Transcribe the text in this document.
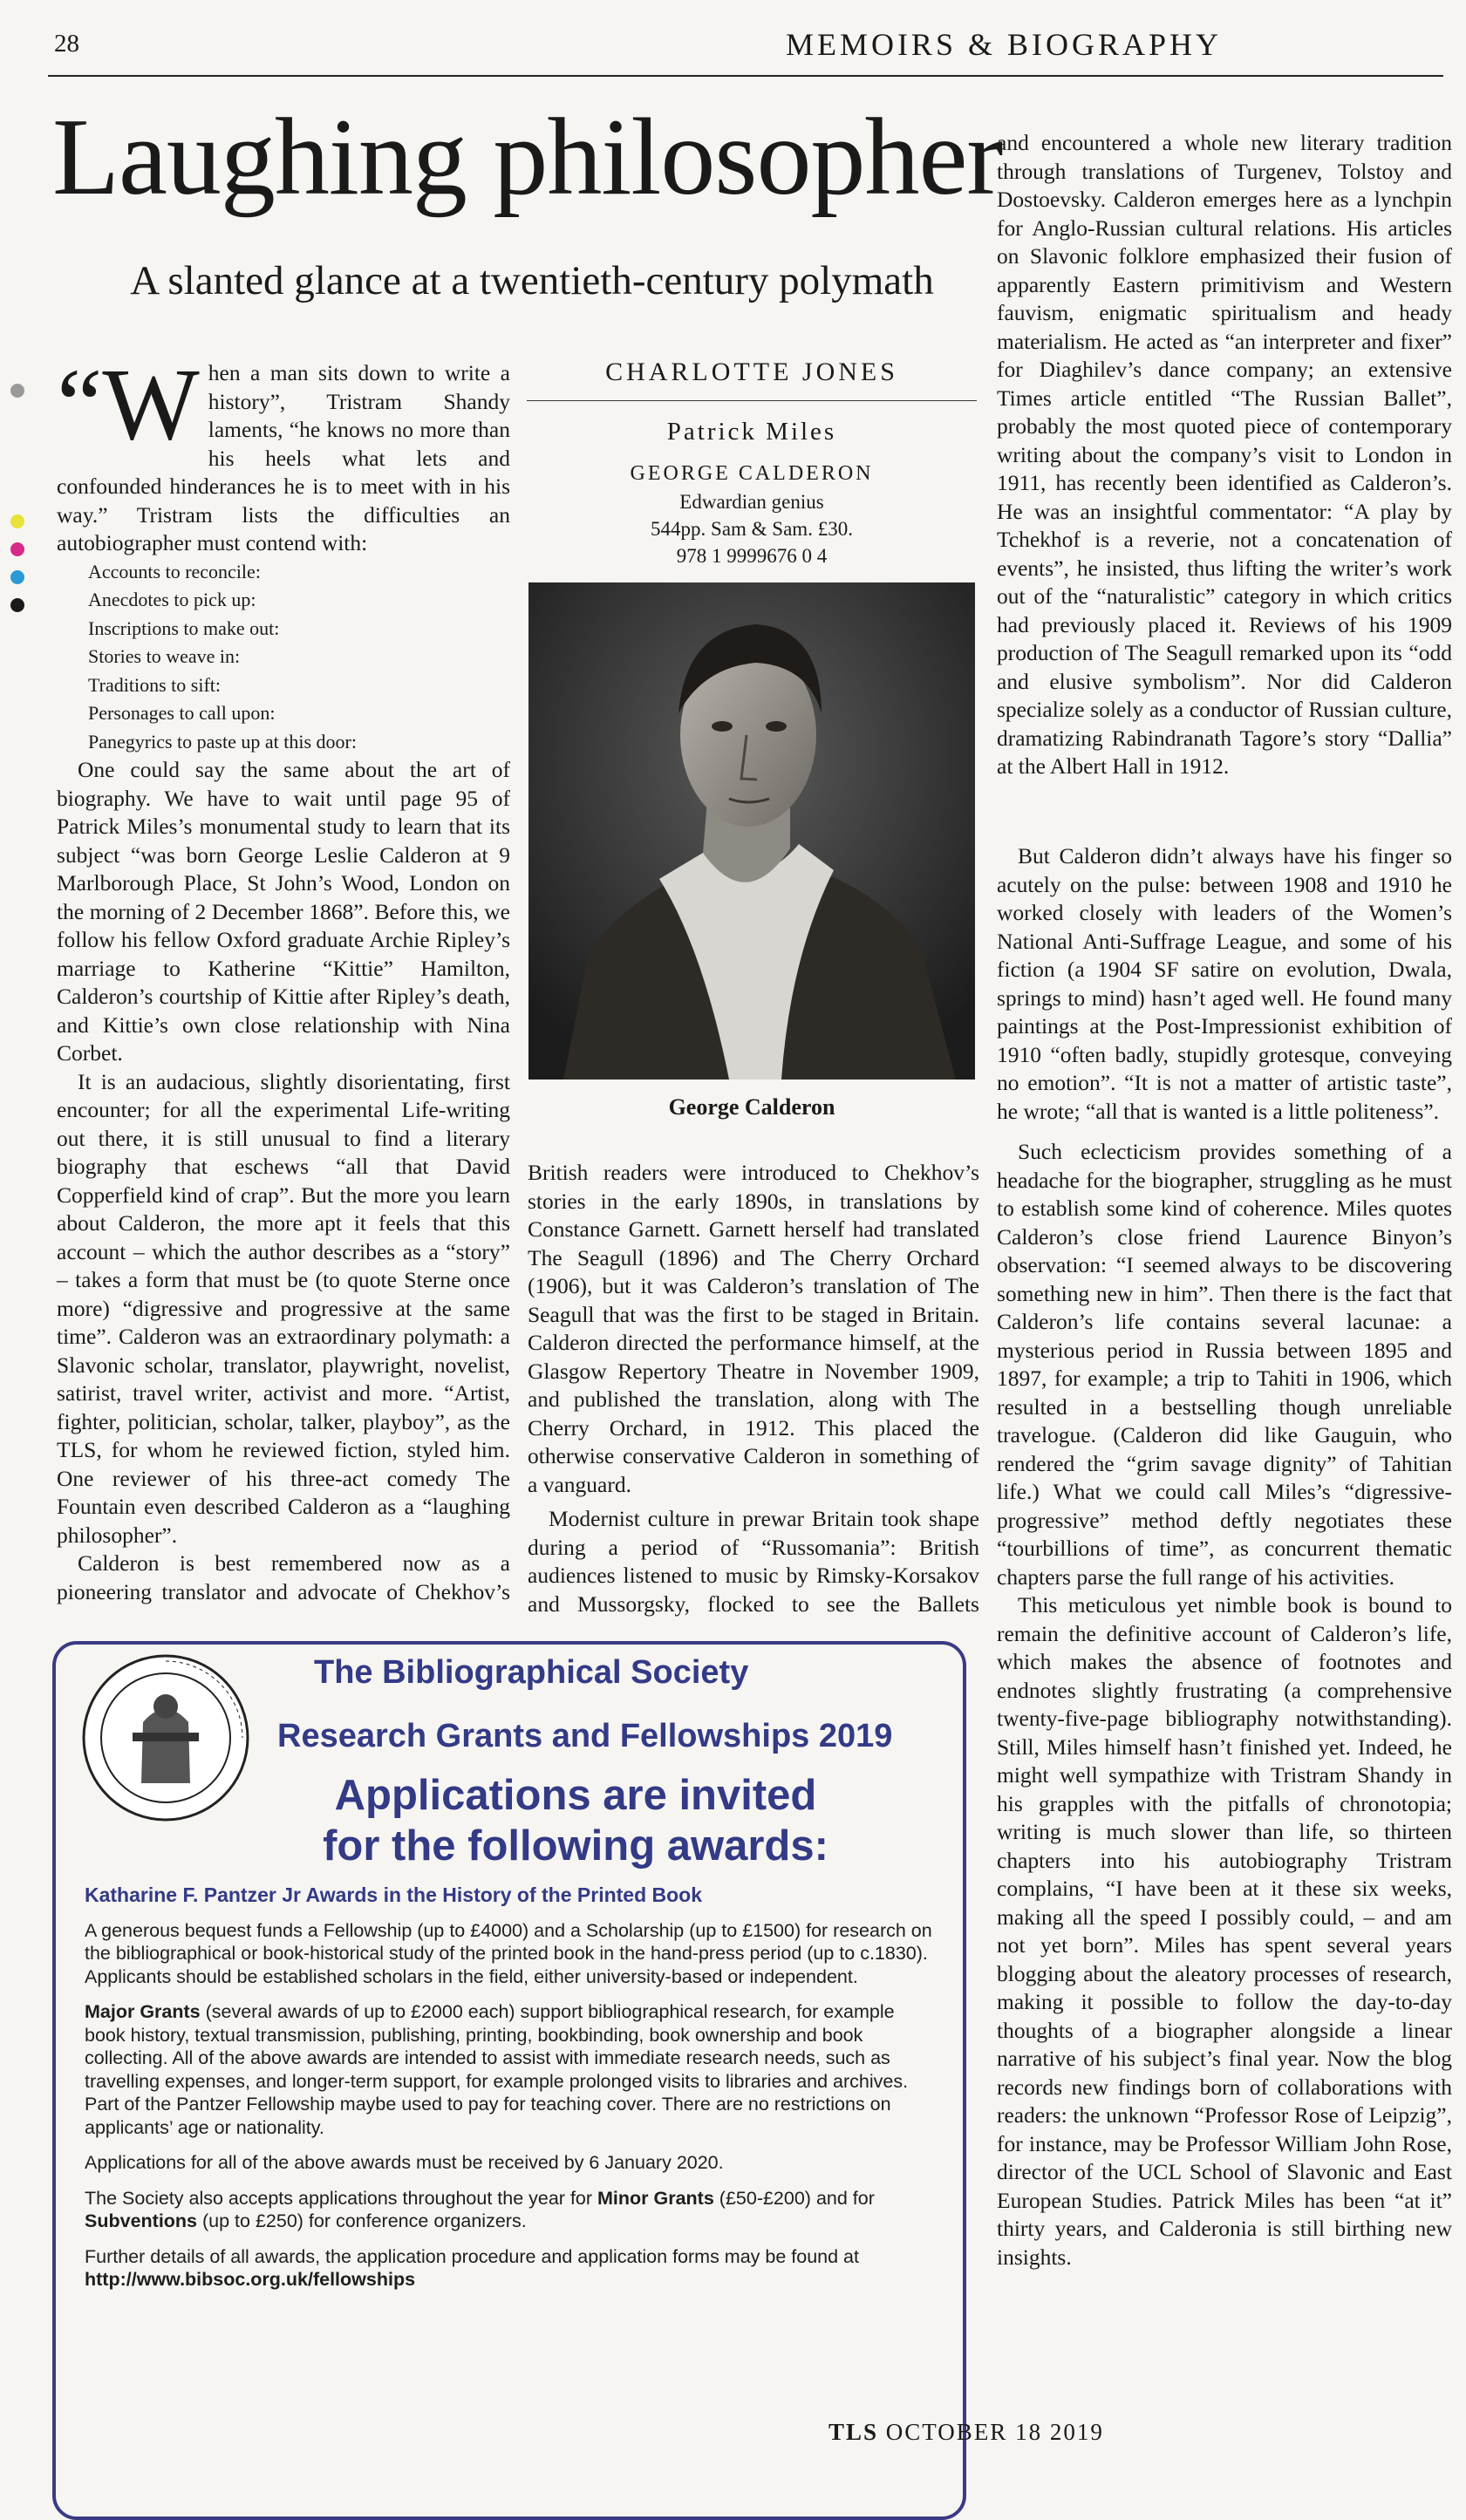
28	MEMOIRS & BIOGRAPHY
Laughing philosopher
A slanted glance at a twentieth-century polymath

“When a man sits down to write a history”, Tristram Shandy laments, “he knows no more than his heels what lets and confounded hinderances he is to meet with in his way.” Tristram lists the difficulties an autobiographer must contend with:

Accounts to reconcile:
Anecdotes to pick up:
Inscriptions to make out:
Stories to weave in:
Traditions to sift:
Personages to call upon:
Panegyrics to paste up at this door:

One could say the same about the art of biography. We have to wait until page 95 of Patrick Miles’s monumental study to learn that its subject “was born George Leslie Calderon at 9 Marlborough Place, St John’s Wood, London on the morning of 2 December 1868”. Before this, we follow his fellow Oxford graduate Archie Ripley’s marriage to Katherine “Kittie” Hamilton, Calderon’s courtship of Kittie after Ripley’s death, and Kittie’s own close relationship with Nina Corbet.

It is an audacious, slightly disorientating, first encounter; for all the experimental Life-writing out there, it is still unusual to find a literary biography that eschews “all that David Copperfield kind of crap”. But the more you learn about Calderon, the more apt it feels that this account – which the author describes as a “story” – takes a form that must be (to quote Sterne once more) “digressive and progressive at the same time”. Calderon was an extraordinary polymath: a Slavonic scholar, translator, playwright, novelist, satirist, travel writer, activist and more. “Artist, fighter, politician, scholar, talker, playboy”, as the TLS, for whom he reviewed fiction, styled him. One reviewer of his three-act comedy The Fountain even described Calderon as a “laughing philosopher”.

Calderon is best remembered now as a pioneering translator and advocate of Chekhov’s

CHARLOTTE JONES
Patrick Miles
GEORGE CALDERON
Edwardian genius
544pp. Sam & Sam. £30.
978 1 9999676 0 4
George Calderon

British readers were introduced to Chekhov’s stories in the early 1890s, in translations by Constance Garnett. Garnett herself had translated The Seagull (1896) and The Cherry Orchard (1906), but it was Calderon’s translation of The Seagull that was the first to be staged in Britain. Calderon directed the performance himself, at the Glasgow Repertory Theatre in November 1909, and published the translation, along with The Cherry Orchard, in 1912. This placed the otherwise conservative Calderon in something of a vanguard.

Modernist culture in prewar Britain took shape during a period of “Russomania”: British audiences listened to music by Rimsky-Korsakov and Mussorgsky, flocked to see the Ballets

and encountered a whole new literary tradition through translations of Turgenev, Tolstoy and Dostoevsky. Calderon emerges here as a lynchpin for Anglo-Russian cultural relations. His articles on Slavonic folklore emphasized their fusion of apparently Eastern primitivism and Western fauvism, enigmatic spiritualism and heady materialism. He acted as “an interpreter and fixer” for Diaghilev’s dance company; an extensive Times article entitled “The Russian Ballet”, probably the most quoted piece of contemporary writing about the company’s visit to London in 1911, has recently been identified as Calderon’s. He was an insightful commentator: “A play by Tchekhof is a reverie, not a concatenation of events”, he insisted, thus lifting the writer’s work out of the “naturalistic” category in which critics had previously placed it. Reviews of his 1909 production of The Seagull remarked upon its “odd and elusive symbolism”. Nor did Calderon specialize solely as a conductor of Russian culture, dramatizing Rabindranath Tagore’s story “Dallia” at the Albert Hall in 1912.

But Calderon didn’t always have his finger so acutely on the pulse: between 1908 and 1910 he worked closely with leaders of the Women’s National Anti-Suffrage League, and some of his fiction (a 1904 SF satire on evolution, Dwala, springs to mind) hasn’t aged well. He found many paintings at the Post-Impressionist exhibition of 1910 “often badly, stupidly grotesque, conveying no emotion”. “It is not a matter of artistic taste”, he wrote; “all that is wanted is a little politeness”.

Such eclecticism provides something of a headache for the biographer, struggling as he must to establish some kind of coherence. Miles quotes Calderon’s close friend Laurence Binyon’s observation: “I seemed always to be discovering something new in him”. Then there is the fact that Calderon’s life contains several lacunae: a mysterious period in Russia between 1895 and 1897, for example; a trip to Tahiti in 1906, which resulted in a bestselling though unreliable travelogue. (Calderon did like Gauguin, who rendered the “grim savage dignity” of Tahitian life.) What we could call Miles’s “digressive-progressive” method deftly negotiates these “tourbillions of time”, as concurrent thematic chapters parse the full range of his activities.

This meticulous yet nimble book is bound to remain the definitive account of Calderon’s life, which makes the absence of footnotes and endnotes slightly frustrating (a comprehensive twenty-five-page bibliography notwithstanding). Still, Miles himself hasn’t finished yet. Indeed, he might well sympathize with Tristram Shandy in his grapples with the pitfalls of chronotopia; writing is much slower than life, so thirteen chapters into his autobiography Tristram complains, “I have been at it these six weeks, making all the speed I possibly could, – and am not yet born”. Miles has spent several years blogging about the aleatory processes of research, making it possible to follow the day-to-day thoughts of a biographer alongside a linear narrative of his subject’s final year. Now the blog records new findings born of collaborations with readers: the unknown “Professor Rose of Leipzig”, for instance, may be Professor William John Rose, director of the UCL School of Slavonic and East European Studies. Patrick Miles has been “at it” thirty years, and Calderonia is still birthing new insights.

The Bibliographical Society
Research Grants and Fellowships 2019
Applications are invited
for the following awards:

Katharine F. Pantzer Jr Awards in the History of the Printed Book

A generous bequest funds a Fellowship (up to £4000) and a Scholarship (up to £1500) for research on the bibliographical or book-historical study of the printed book in the hand-press period (up to c.1830). Applicants should be established scholars in the field, either university-based or independent.

Major Grants (several awards of up to £2000 each) support bibliographical research, for example book history, textual transmission, publishing, printing, bookbinding, book ownership and book collecting. All of the above awards are intended to assist with immediate research needs, such as travelling expenses, and longer-term support, for example prolonged visits to libraries and archives. Part of the Pantzer Fellowship maybe used to pay for teaching cover. There are no restrictions on applicants’ age or nationality.

Applications for all of the above awards must be received by 6 January 2020.

The Society also accepts applications throughout the year for Minor Grants (£50-£200) and for Subventions (up to £250) for conference organizers.

Further details of all awards, the application procedure and application forms may be found at http://www.bibsoc.org.uk/fellowships

TLS OCTOBER 18 2019
